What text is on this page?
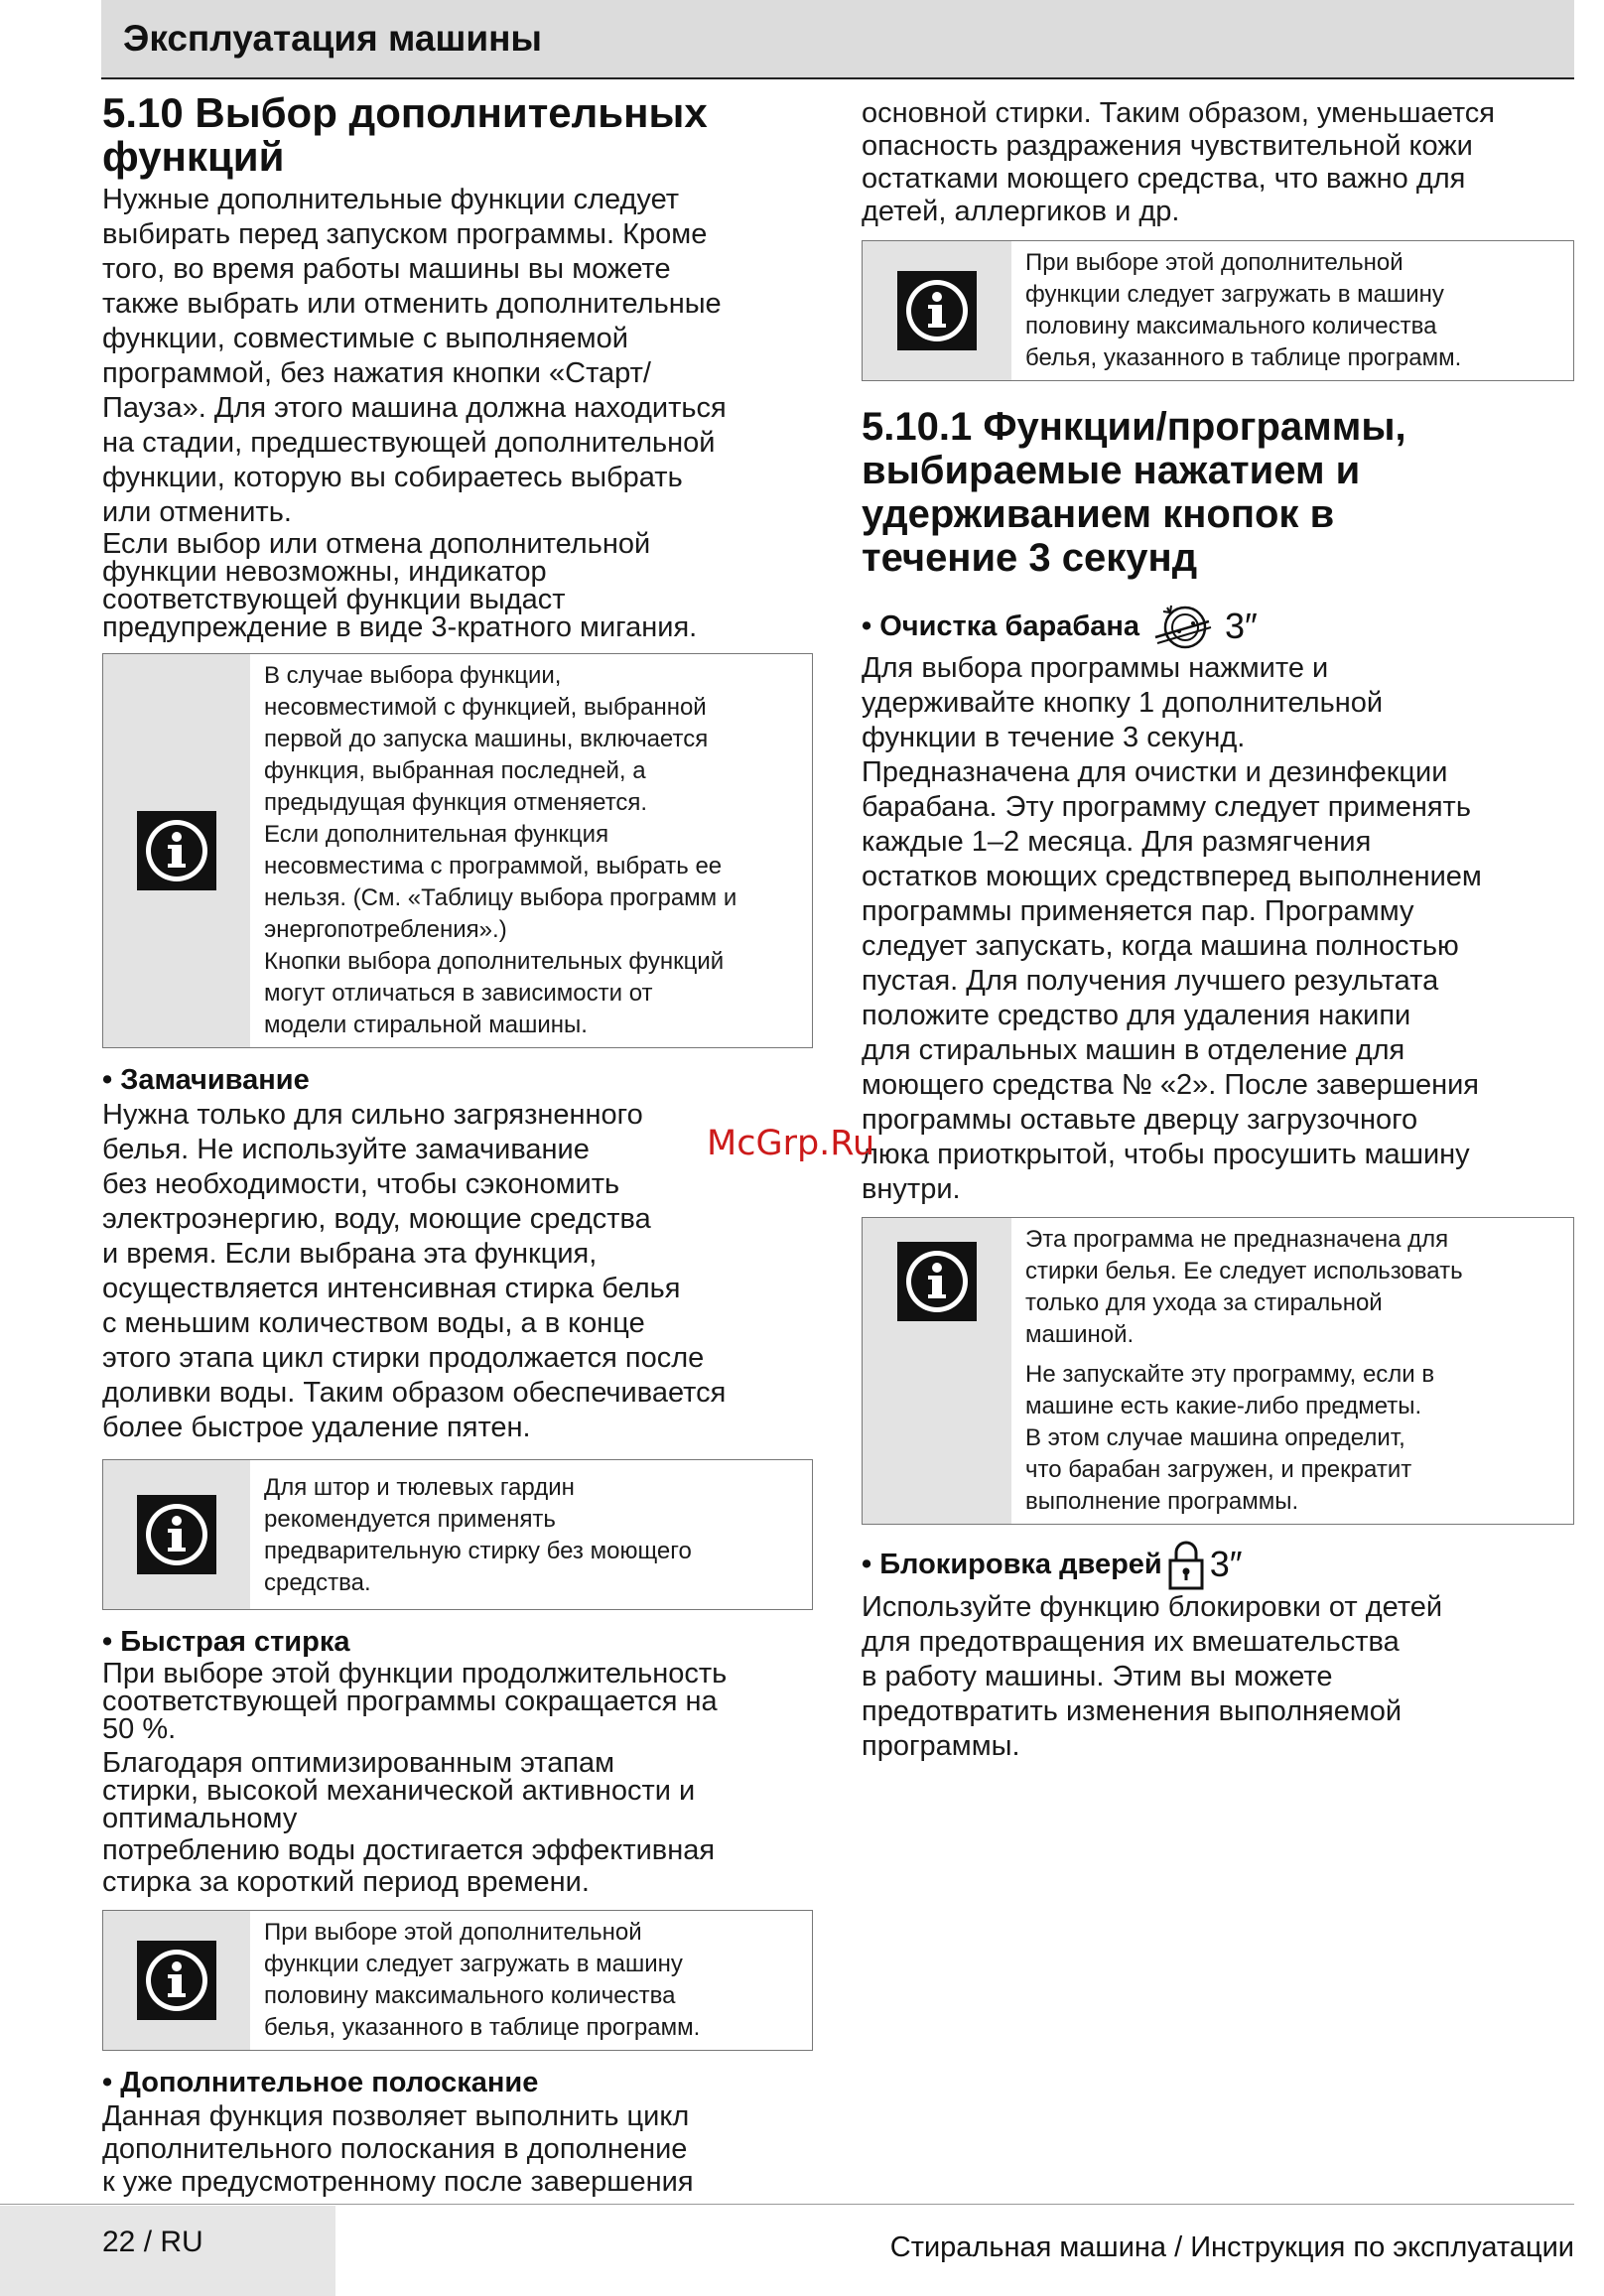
Эксплуатация машины
5.10 Выбор дополнительных
функций

Нужные дополнительные функции следует

выбирать перед запуском программы. Кроме

того, во время работы машины вы можете

также выбрать или отменить дополнительные

функции, совместимые с выполняемой

программой, без нажатия кнопки «Старт/

Пауза». Для этого машина должна находиться

на стадии, предшествующей дополнительной

функции, которую вы собираетесь выбрать

или отменить.

Если выбор или отмена дополнительной

функции невозможны, индикатор

соответствующей функции выдаст

предупреждение в виде 3-кратного мигания.

В случае выбора функции,

несовместимой с функцией, выбранной

первой до запуска машины, включается

функция, выбранная последней, а

предыдущая функция отменяется.

Если дополнительная функция

несовместима с программой, выбрать ее

нельзя. (См. «Таблицу выбора программ и

энергопотребления».)

Кнопки выбора дополнительных функций

могут отличаться в зависимости от

модели стиральной машины.

• Замачивание

Нужна только для сильно загрязненного

белья. Не используйте замачивание

без необходимости, чтобы сэкономить

электроэнергию, воду, моющие средства

и время. Если выбрана эта функция,

осуществляется интенсивная стирка белья

с меньшим количеством воды, а в конце

этого этапа цикл стирки продолжается после

доливки воды. Таким образом обеспечивается

более быстрое удаление пятен.

Для штор и тюлевых гардин

рекомендуется применять

предварительную стирку без моющего

средства.

• Быстрая стирка

При выборе этой функции продолжительность

соответствующей программы сокращается на

50 %.

Благодаря оптимизированным этапам

стирки, высокой механической активности и

оптимальному

потреблению воды достигается эффективная

стирка за короткий период времени.

При выборе этой дополнительной

функции следует загружать в машину

половину максимального количества

белья, указанного в таблице программ.

• Дополнительное полоскание

Данная функция позволяет выполнить цикл

дополнительного полоскания в дополнение

к уже предусмотренному после завершения

основной стирки. Таким образом, уменьшается

опасность раздражения чувствительной кожи

остатками моющего средства, что важно для

детей, аллергиков и др.

При выборе этой дополнительной

функции следует загружать в машину

половину максимального количества

белья, указанного в таблице программ.

5.10.1 Функции/программы,
выбираемые нажатием и
удерживанием кнопок в
течение 3 секунд
• Очистка барабана 3″

Для выбора программы нажмите и

удерживайте кнопку 1 дополнительной

функции в течение 3 секунд.

Предназначена для очистки и дезинфекции

барабана. Эту программу следует применять

каждые 1–2 месяца. Для размягчения

остатков моющих средствперед выполнением

программы применяется пар. Программу

следует запускать, когда машина полностью

пустая. Для получения лучшего результата

положите средство для удаления накипи

для стиральных машин в отделение для

моющего средства № «2». После завершения

программы оставьте дверцу загрузочного

люка приоткрытой, чтобы просушить машину

внутри.

Эта программа не предназначена для

стирки белья. Ее следует использовать

только для ухода за стиральной

машиной.

Не запускайте эту программу, если в

машине есть какие-либо предметы.

В этом случае машина определит,

что барабан загружен, и прекратит

выполнение программы.

• Блокировка дверей 3″

Используйте функцию блокировки от детей

для предотвращения их вмешательства

в работу машины. Этим вы можете

предотвратить изменения выполняемой

программы.

McGrp.Ru
22 / RU	Стиральная машина / Инструкция по эксплуатации
